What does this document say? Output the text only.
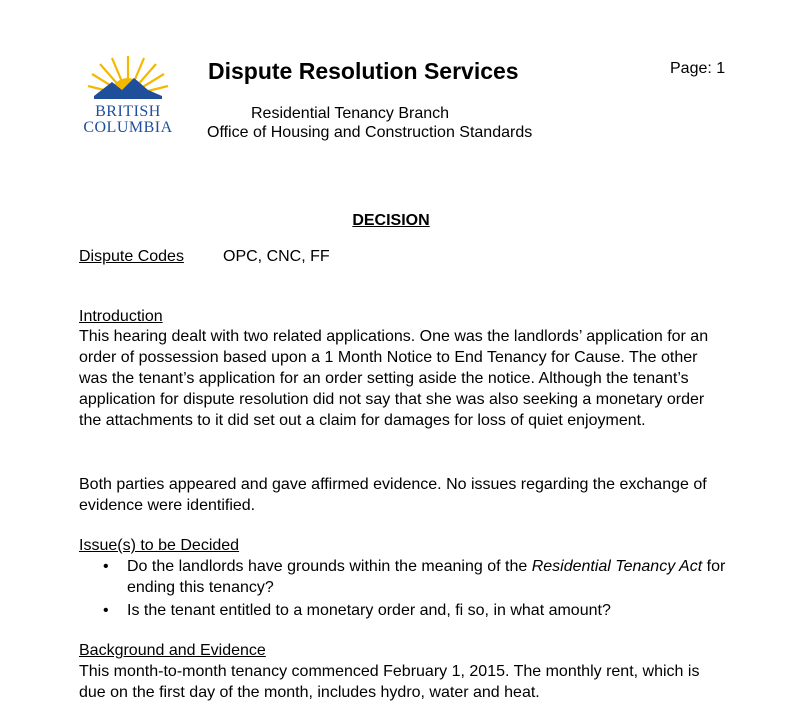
BRITISH
COLUMBIA
Dispute Resolution Services	Page: 1
Residential Tenancy Branch
Office of Housing and Construction Standards
DECISION
Dispute Codes OPC, CNC, FF
Introduction

This hearing dealt with two related applications. One was the landlords’ application for an order of possession based upon a 1 Month Notice to End Tenancy for Cause. The other was the tenant’s application for an order setting aside the notice. Although the tenant’s application for dispute resolution did not say that she was also seeking a monetary order the attachments to it did set out a claim for damages for loss of quiet enjoyment.

Both parties appeared and gave affirmed evidence. No issues regarding the exchange of evidence were identified.

Issue(s) to be Decided
• Do the landlords have grounds within the meaning of the Residential Tenancy Act for ending this tenancy?
• Is the tenant entitled to a monetary order and, fi so, in what amount?
Background and Evidence

This month-to-month tenancy commenced February 1, 2015. The monthly rent, which is due on the first day of the month, includes hydro, water and heat.
